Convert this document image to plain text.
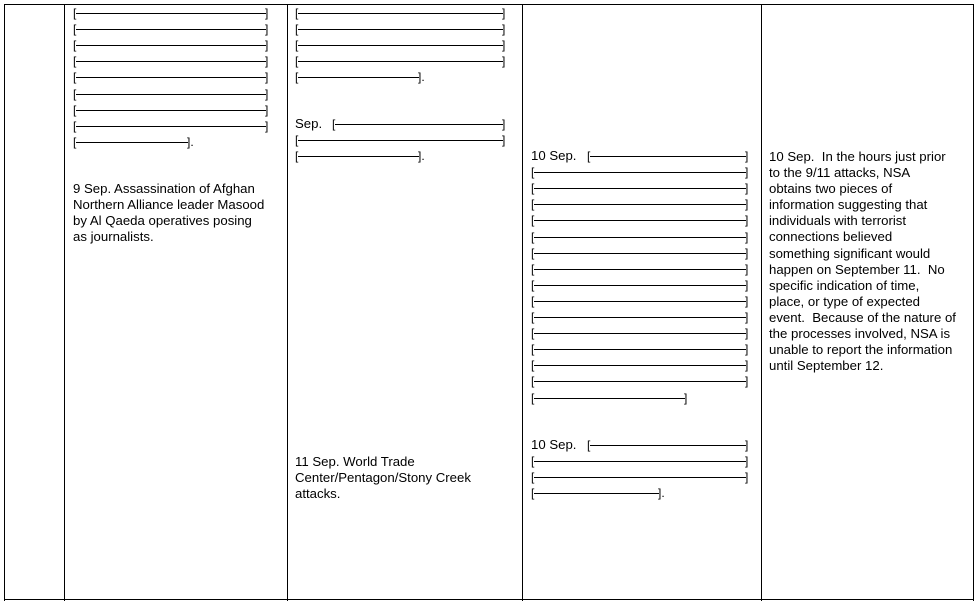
[	]
[	]
[	]
[	]
[	]
[	]
[	]
[	]
[	].
9 Sep. Assassination of Afghan
Northern Alliance leader Masood
by Al Qaeda operatives posing
as journalists.
[	]
[	]
[	]
[	]
[	].
Sep. [	]
[	]
[	].
11 Sep. World Trade
Center/Pentagon/Stony Creek
attacks.
10 Sep. [	]
[	]
[	]
[	]
[	]
[	]
[	]
[	]
[	]
[	]
[	]
[	]
[	]
[	]
[	]
[	]
10 Sep. [	]
[	]
[	]
[	].
10 Sep.  In the hours just prior
to the 9/11 attacks, NSA
obtains two pieces of
information suggesting that
individuals with terrorist
connections believed
something significant would
happen on September 11.  No
specific indication of time,
place, or type of expected
event.  Because of the nature of
the processes involved, NSA is
unable to report the information
until September 12.
